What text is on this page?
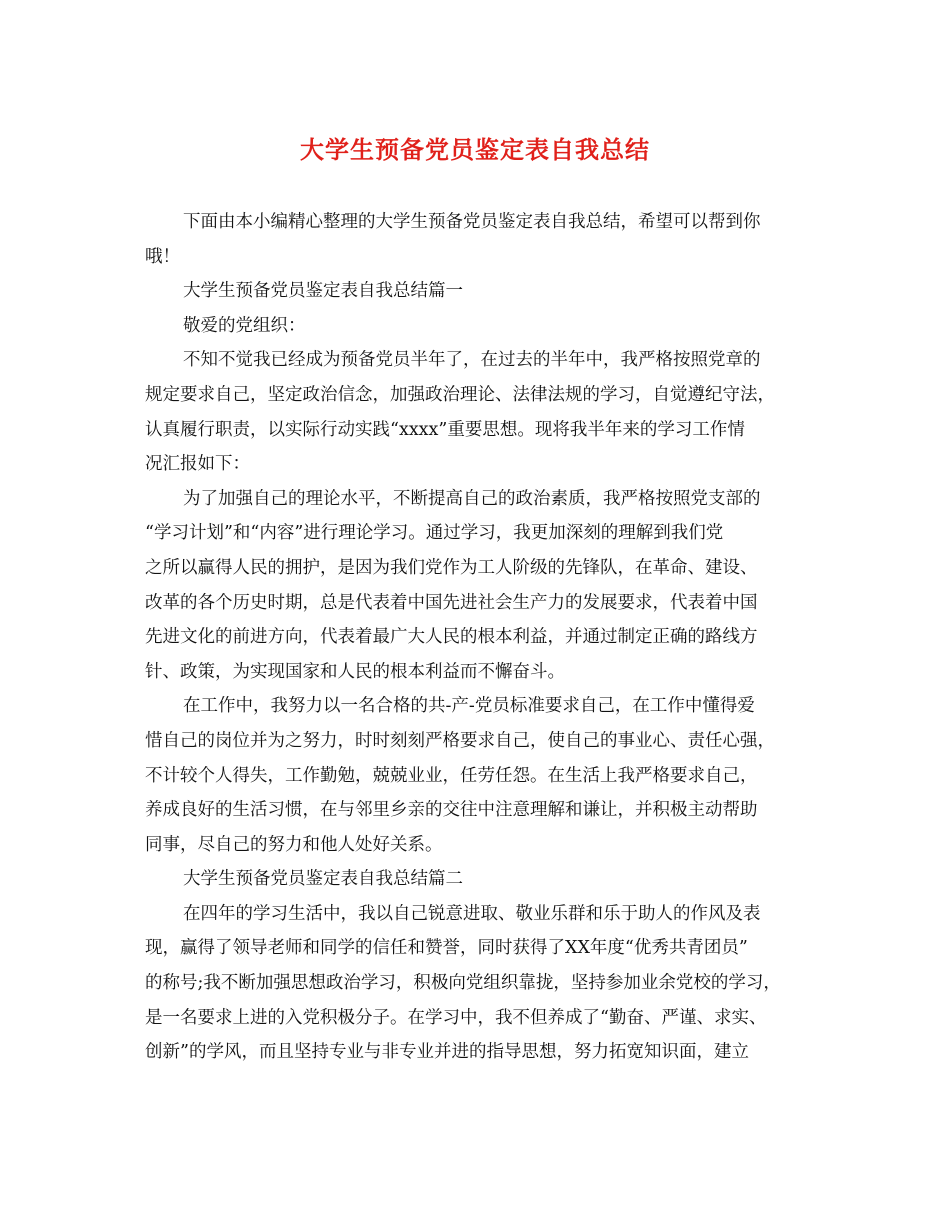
大学生预备党员鉴定表自我总结
下面由本小编精心整理的大学生预备党员鉴定表自我总结，希望可以帮到你
哦！
大学生预备党员鉴定表自我总结篇一
敬爱的党组织：
不知不觉我已经成为预备党员半年了，在过去的半年中，我严格按照党章的
规定要求自己，坚定政治信念，加强政治理论、法律法规的学习，自觉遵纪守法，
认真履行职责，以实际行动实践“xxxx”重要思想。现将我半年来的学习工作情
况汇报如下：
为了加强自己的理论水平，不断提高自己的政治素质，我严格按照党支部的
“学习计划”和“内容”进行理论学习。通过学习，我更加深刻的理解到我们党
之所以赢得人民的拥护，是因为我们党作为工人阶级的先锋队，在革命、建设、
改革的各个历史时期，总是代表着中国先进社会生产力的发展要求，代表着中国
先进文化的前进方向，代表着最广大人民的根本利益，并通过制定正确的路线方
针、政策，为实现国家和人民的根本利益而不懈奋斗。
在工作中，我努力以一名合格的共-产-党员标准要求自己，在工作中懂得爱
惜自己的岗位并为之努力，时时刻刻严格要求自己，使自己的事业心、责任心强，
不计较个人得失，工作勤勉，兢兢业业，任劳任怨。在生活上我严格要求自己，
养成良好的生活习惯，在与邻里乡亲的交往中注意理解和谦让，并积极主动帮助
同事，尽自己的努力和他人处好关系。
大学生预备党员鉴定表自我总结篇二
在四年的学习生活中，我以自己锐意进取、敬业乐群和乐于助人的作风及表
现，赢得了领导老师和同学的信任和赞誉，同时获得了XX年度“优秀共青团员”
的称号;我不断加强思想政治学习，积极向党组织靠拢，坚持参加业余党校的学习，
是一名要求上进的入党积极分子。在学习中，我不但养成了“勤奋、严谨、求实、
创新”的学风，而且坚持专业与非专业并进的指导思想，努力拓宽知识面，建立
